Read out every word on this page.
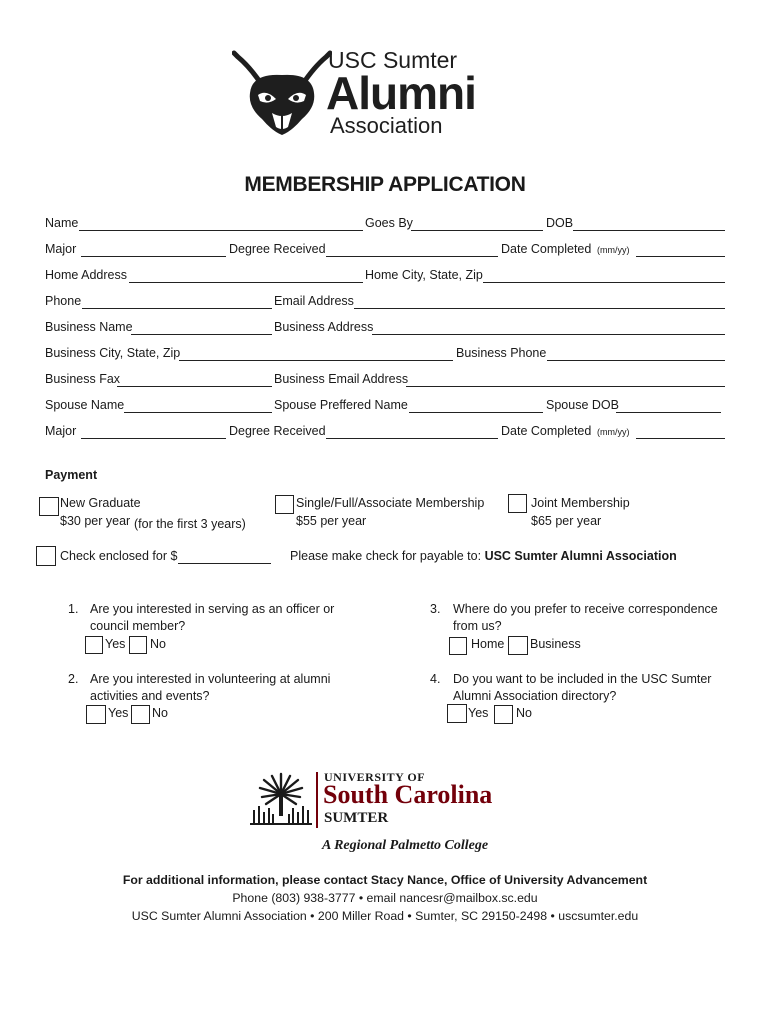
USC Sumter
Alumni
Association
MEMBERSHIP APPLICATION
Name	Goes By	DOB
Major	Degree Received	Date Completed (mm/yy)
Home Address	Home City, State, Zip
Phone	Email Address
Business Name	Business Address
Business City, State, Zip	Business Phone
Business Fax	Business Email Address
Spouse Name	Spouse Preffered Name	Spouse DOB
Major	Degree Received	Date Completed (mm/yy)
Payment
New Graduate
$30 per year (for the first 3 years)
Single/Full/Associate Membership
$55 per year
Joint Membership
$65 per year
Check enclosed for $	Please make check for payable to: USC Sumter Alumni Association
1. Are you interested in serving as an officer or
council member?
Yes No
2. Are you interested in volunteering at alumni
activities and events?
Yes No
3. Where do you prefer to receive correspondence
from us?
Home Business
4. Do you want to be included in the USC Sumter
Alumni Association directory?
Yes No
UNIVERSITY OF
South Carolina
SUMTER
A Regional Palmetto College
For additional information, please contact Stacy Nance, Office of University Advancement
Phone (803) 938-3777 • email nancesr@mailbox.sc.edu
USC Sumter Alumni Association • 200 Miller Road • Sumter, SC 29150-2498 • uscsumter.edu
